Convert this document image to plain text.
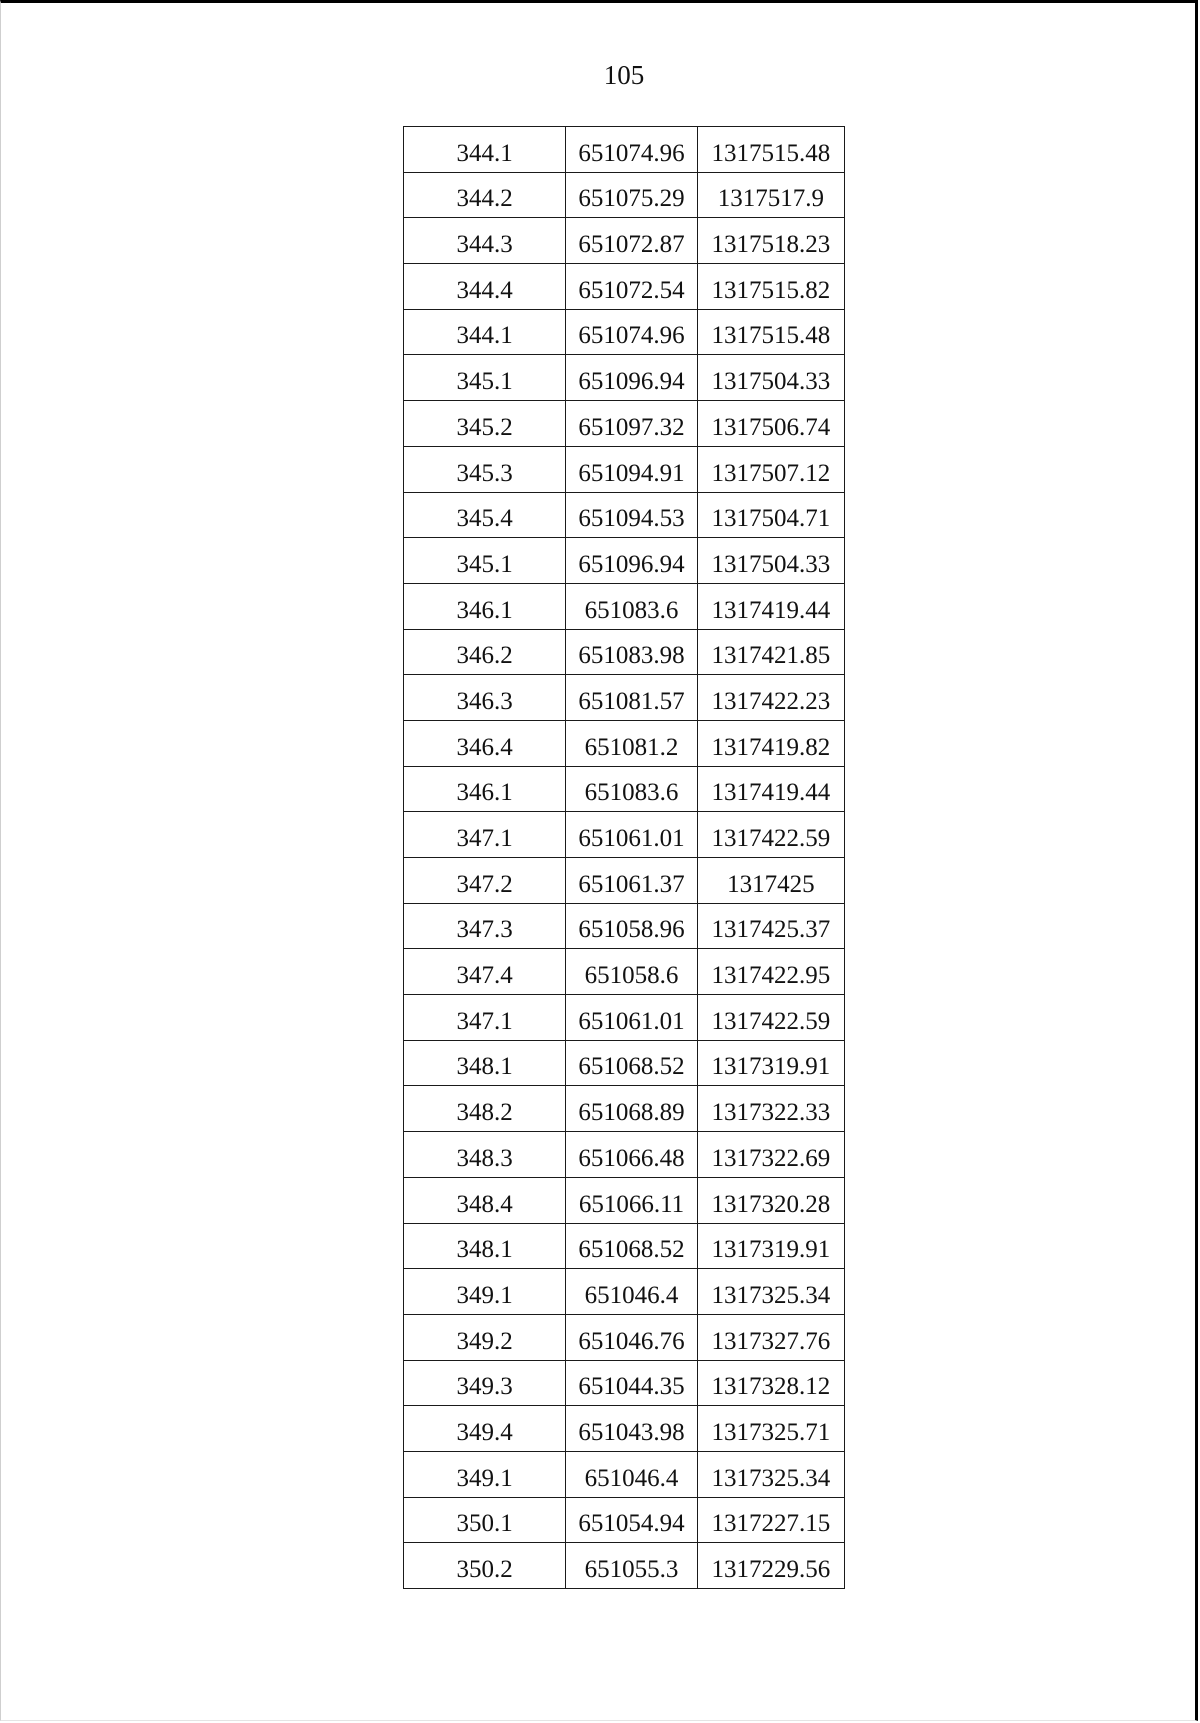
105
344.1	651074.96	1317515.48
344.2	651075.29	1317517.9
344.3	651072.87	1317518.23
344.4	651072.54	1317515.82
344.1	651074.96	1317515.48
345.1	651096.94	1317504.33
345.2	651097.32	1317506.74
345.3	651094.91	1317507.12
345.4	651094.53	1317504.71
345.1	651096.94	1317504.33
346.1	651083.6	1317419.44
346.2	651083.98	1317421.85
346.3	651081.57	1317422.23
346.4	651081.2	1317419.82
346.1	651083.6	1317419.44
347.1	651061.01	1317422.59
347.2	651061.37	1317425
347.3	651058.96	1317425.37
347.4	651058.6	1317422.95
347.1	651061.01	1317422.59
348.1	651068.52	1317319.91
348.2	651068.89	1317322.33
348.3	651066.48	1317322.69
348.4	651066.11	1317320.28
348.1	651068.52	1317319.91
349.1	651046.4	1317325.34
349.2	651046.76	1317327.76
349.3	651044.35	1317328.12
349.4	651043.98	1317325.71
349.1	651046.4	1317325.34
350.1	651054.94	1317227.15
350.2	651055.3	1317229.56
